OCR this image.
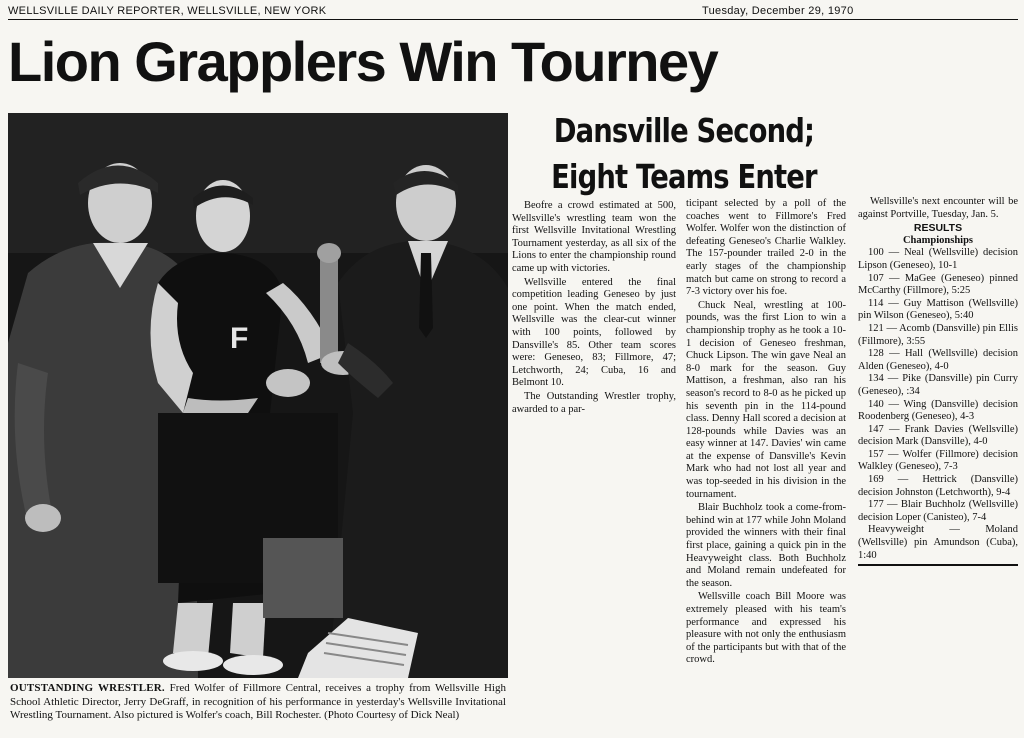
WELLSVILLE DAILY REPORTER, WELLSVILLE, NEW YORK	Tuesday, December 29, 1970
Lion Grapplers Win Tourney
F
OUTSTANDING WRESTLER. Fred Wolfer of Fillmore Central, receives a trophy from Wellsville High School Athletic Director, Jerry DeGraff, in recognition of his performance in yesterday's Wellsville Invitational Wrestling Tournament. Also pictured is Wolfer's coach, Bill Rochester. (Photo Courtesy of Dick Neal)
Dansville Second;
Eight Teams Enter

Beofre a crowd estimated at 500, Wellsville's wrestling team won the first Wellsville Invitational Wrestling Tournament yesterday, as all six of the Lions to enter the championship round came up with victories.

Wellsville entered the final competition leading Geneseo by just one point. When the match ended, Wellsville was the clear-cut winner with 100 points, followed by Dansville's 85. Other team scores were: Geneseo, 83; Fillmore, 47; Letchworth, 24; Cuba, 16 and Belmont 10.

The Outstanding Wrestler trophy, awarded to a par-

ticipant selected by a poll of the coaches went to Fillmore's Fred Wolfer. Wolfer won the distinction of defeating Geneseo's Charlie Walkley. The 157-pounder trailed 2-0 in the early stages of the championship match but came on strong to record a 7-3 victory over his foe.

Chuck Neal, wrestling at 100-pounds, was the first Lion to win a championship trophy as he took a 10-1 decision of Geneseo freshman, Chuck Lipson. The win gave Neal an 8-0 mark for the season. Guy Mattison, a freshman, also ran his season's record to 8-0 as he picked up his seventh pin in the 114-pound class. Denny Hall scored a decision at 128-pounds while Davies was an easy winner at 147. Davies' win came at the expense of Dansville's Kevin Mark who had not lost all year and was top-seeded in his division in the tournament.

Blair Buchholz took a come-from-behind win at 177 while John Moland provided the winners with their final first place, gaining a quick pin in the Heavyweight class. Both Buchholz and Moland remain undefeated for the season.

Wellsville coach Bill Moore was extremely pleased with his team's performance and expressed his pleasure with not only the enthusiasm of the participants but with that of the crowd.

Wellsville's next encounter will be against Portville, Tuesday, Jan. 5.

RESULTS
Championships

100 — Neal (Wellsville) decision Lipson (Geneseo), 10-1

107 — MaGee (Geneseo) pinned McCarthy (Fillmore), 5:25

114 — Guy Mattison (Wellsville) pin Wilson (Geneseo), 5:40

121 — Acomb (Dansville) pin Ellis (Fillmore), 3:55

128 — Hall (Wellsville) decision Alden (Geneseo), 4-0

134 — Pike (Dansville) pin Curry (Geneseo), :34

140 — Wing (Dansville) decision Roodenberg (Geneseo), 4-3

147 — Frank Davies (Wellsville) decision Mark (Dansville), 4-0

157 — Wolfer (Fillmore) decision Walkley (Geneseo), 7-3

169 — Hettrick (Dansville) decision Johnston (Letchworth), 9-4

177 — Blair Buchholz (Wellsville) decision Loper (Canisteo), 7-4

Heavyweight — Moland (Wellsville) pin Amundson (Cuba), 1:40
